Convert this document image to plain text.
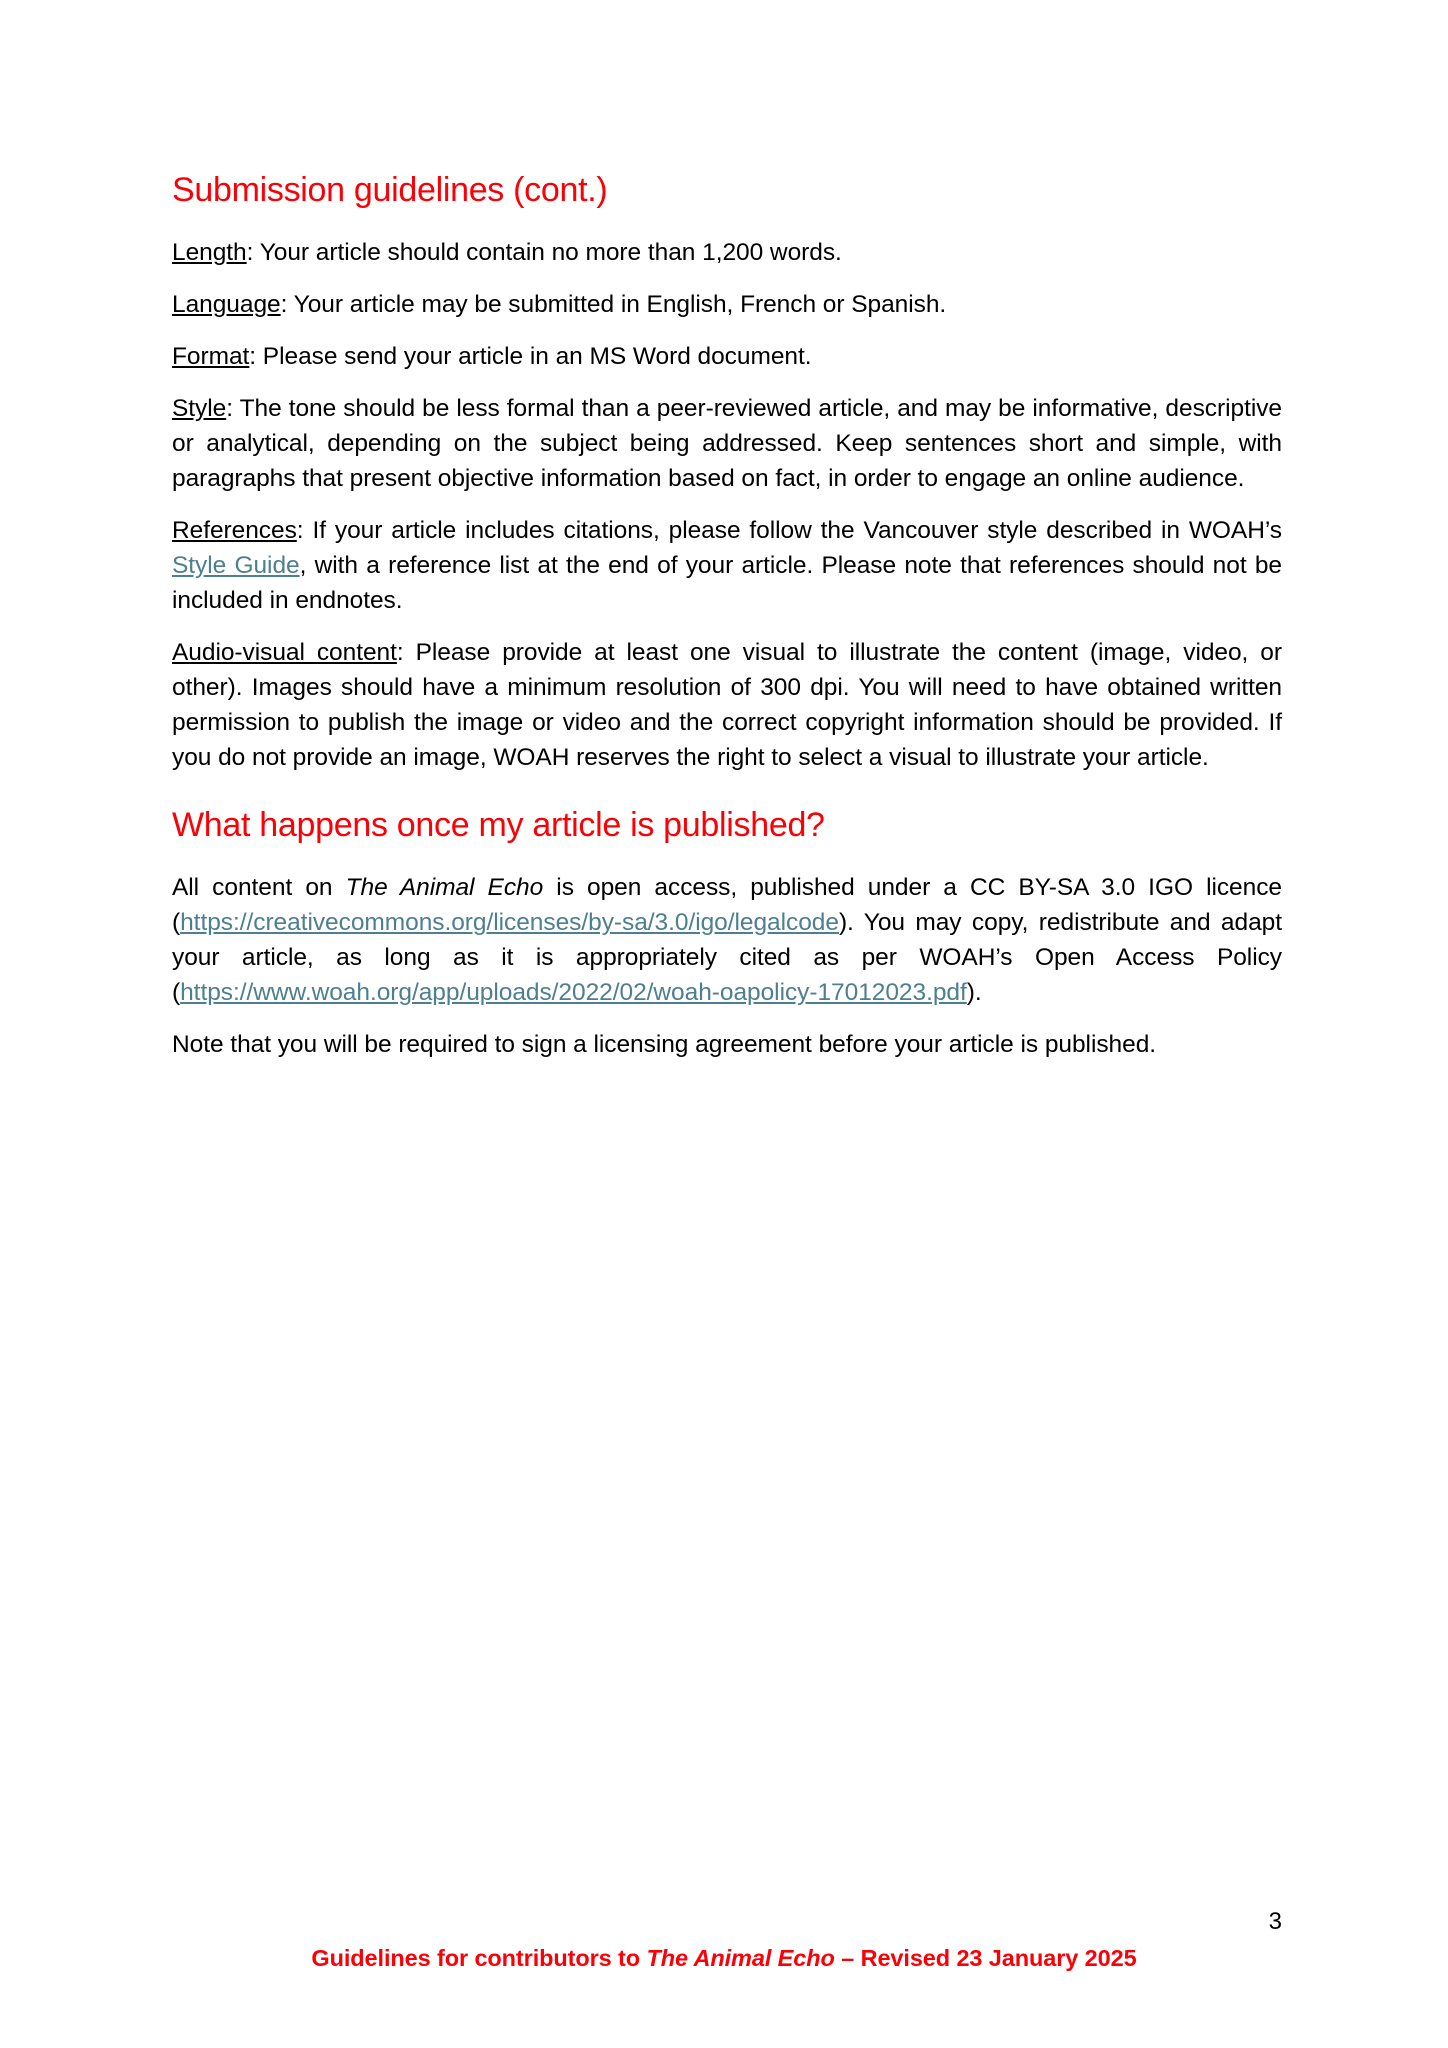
Submission guidelines (cont.)

Length: Your article should contain no more than 1,200 words.

Language: Your article may be submitted in English, French or Spanish.

Format: Please send your article in an MS Word document.

Style: The tone should be less formal than a peer-reviewed article, and may be informative, descriptive or analytical, depending on the subject being addressed. Keep sentences short and simple, with paragraphs that present objective information based on fact, in order to engage an online audience.

References: If your article includes citations, please follow the Vancouver style described in WOAH’s Style Guide, with a reference list at the end of your article. Please note that references should not be included in endnotes.

Audio-visual content: Please provide at least one visual to illustrate the content (image, video, or other). Images should have a minimum resolution of 300 dpi. You will need to have obtained written permission to publish the image or video and the correct copyright information should be provided. If you do not provide an image, WOAH reserves the right to select a visual to illustrate your article.

What happens once my article is published?

All content on The Animal Echo is open access, published under a CC BY-SA 3.0 IGO licence (https://creativecommons.org/licenses/by-sa/3.0/igo/legalcode). You may copy, redistribute and adapt your article, as long as it is appropriately cited as per WOAH’s Open Access Policy (https://www.woah.org/app/uploads/2022/02/woah-oapolicy-17012023.pdf).

Note that you will be required to sign a licensing agreement before your article is published.

3
Guidelines for contributors to The Animal Echo – Revised 23 January 2025
